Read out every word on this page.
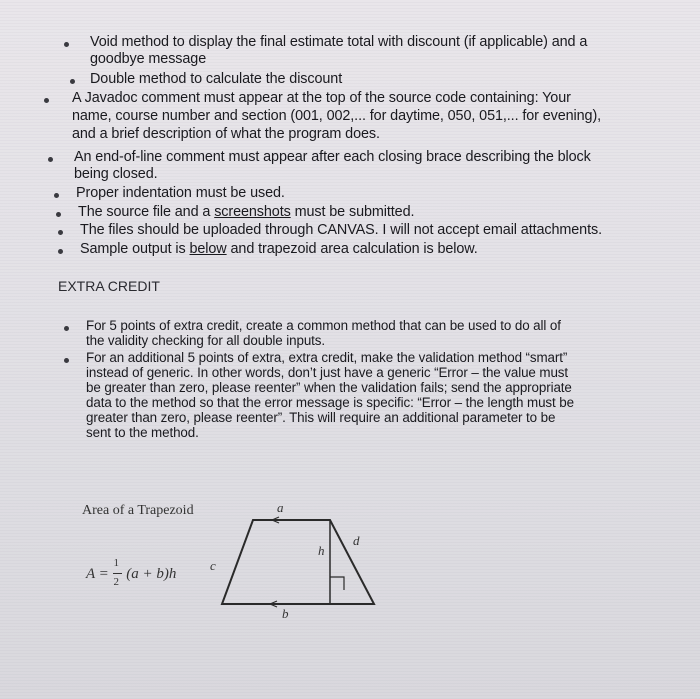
Void method to display the final estimate total with discount (if applicable) and a
goodbye message
Double method to calculate the discount
A Javadoc comment must appear at the top of the source code containing: Your
name, course number and section (001, 002,... for daytime, 050, 051,... for evening),
and a brief description of what the program does.
An end-of-line comment must appear after each closing brace describing the block
being closed.
Proper indentation must be used.
The source file and a screenshots must be submitted.
The files should be uploaded through CANVAS. I will not accept email attachments.
Sample output is below and trapezoid area calculation is below.
EXTRA CREDIT
For 5 points of extra credit, create a common method that can be used to do all of
the validity checking for all double inputs.
For an additional 5 points of extra, extra credit, make the validation method “smart”
instead of generic. In other words, don’t just have a generic “Error – the value must
be greater than zero, please reenter” when the validation fails; send the appropriate
data to the method so that the error message is specific: “Error – the length must be
greater than zero, please reenter”. This will require an additional parameter to be
sent to the method.
Area of a Trapezoid	a
d
h
c
b
$A = \frac{1}{2} (a + b)h$
